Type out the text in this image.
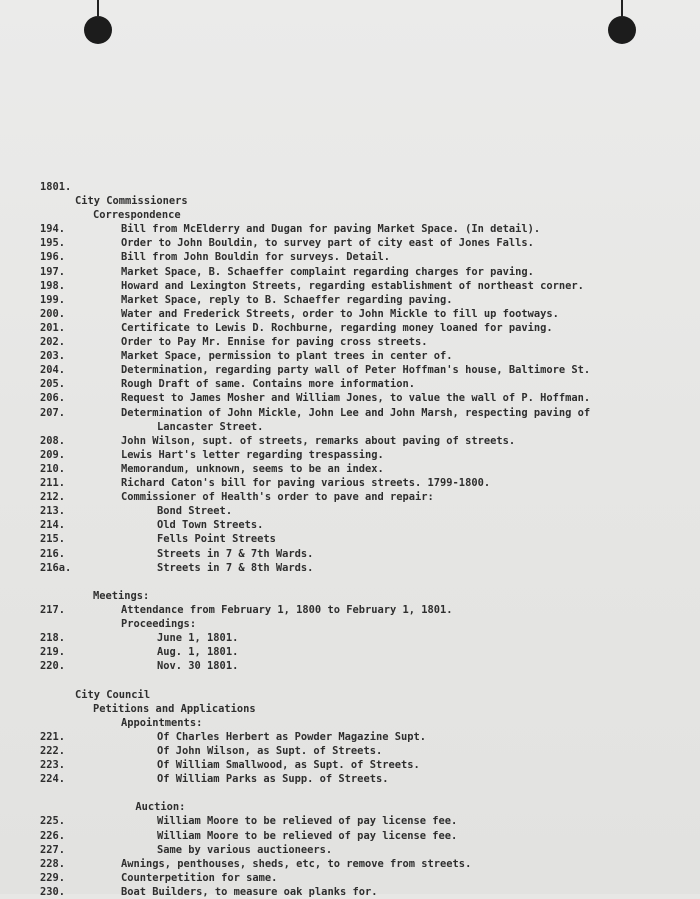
1801.
City Commissioners
Correspondence
194.	Bill from McElderry and Dugan for paving Market Space. (In detail).
195.	Order to John Bouldin, to survey part of city east of Jones Falls.
196.	Bill from John Bouldin for surveys. Detail.
197.	Market Space, B. Schaeffer complaint regarding charges for paving.
198.	Howard and Lexington Streets, regarding establishment of northeast corner.
199.	Market Space, reply to B. Schaeffer regarding paving.
200.	Water and Frederick Streets, order to John Mickle to fill up footways.
201.	Certificate to Lewis D. Rochburne, regarding money loaned for paving.
202.	Order to Pay Mr. Ennise for paving cross streets.
203.	Market Space, permission to plant trees in center of.
204.	Determination, regarding party wall of Peter Hoffman's house, Baltimore St.
205.	Rough Draft of same. Contains more information.
206.	Request to James Mosher and William Jones, to value the wall of P. Hoffman.
207.	Determination of John Mickle, John Lee and John Marsh, respecting paving of
Lancaster Street.
208.	John Wilson, supt. of streets, remarks about paving of streets.
209.	Lewis Hart's letter regarding trespassing.
210.	Memorandum, unknown, seems to be an index.
211.	Richard Caton's bill for paving various streets. 1799-1800.
212.	Commissioner of Health's order to pave and repair:
213.	Bond Street.
214.	Old Town Streets.
215.	Fells Point Streets
216.	Streets in 7 & 7th Wards.
216a.	Streets in 7 & 8th Wards.
Meetings:
217.	Attendance from February 1, 1800 to February 1, 1801.
Proceedings:
218.	June 1, 1801.
219.	Aug. 1, 1801.
220.	Nov. 30 1801.
City Council
Petitions and Applications
Appointments:
221.	Of Charles Herbert as Powder Magazine Supt.
222.	Of John Wilson, as Supt. of Streets.
223.	Of William Smallwood, as Supt. of Streets.
224.	Of William Parks as Supp. of Streets.
Auction:
225.	William Moore to be relieved of pay license fee.
226.	William Moore to be relieved of pay license fee.
227.	Same by various auctioneers.
228.	Awnings, penthouses, sheds, etc, to remove from streets.
229.	Counterpetition for same.
230.	Boat Builders, to measure oak planks for.
